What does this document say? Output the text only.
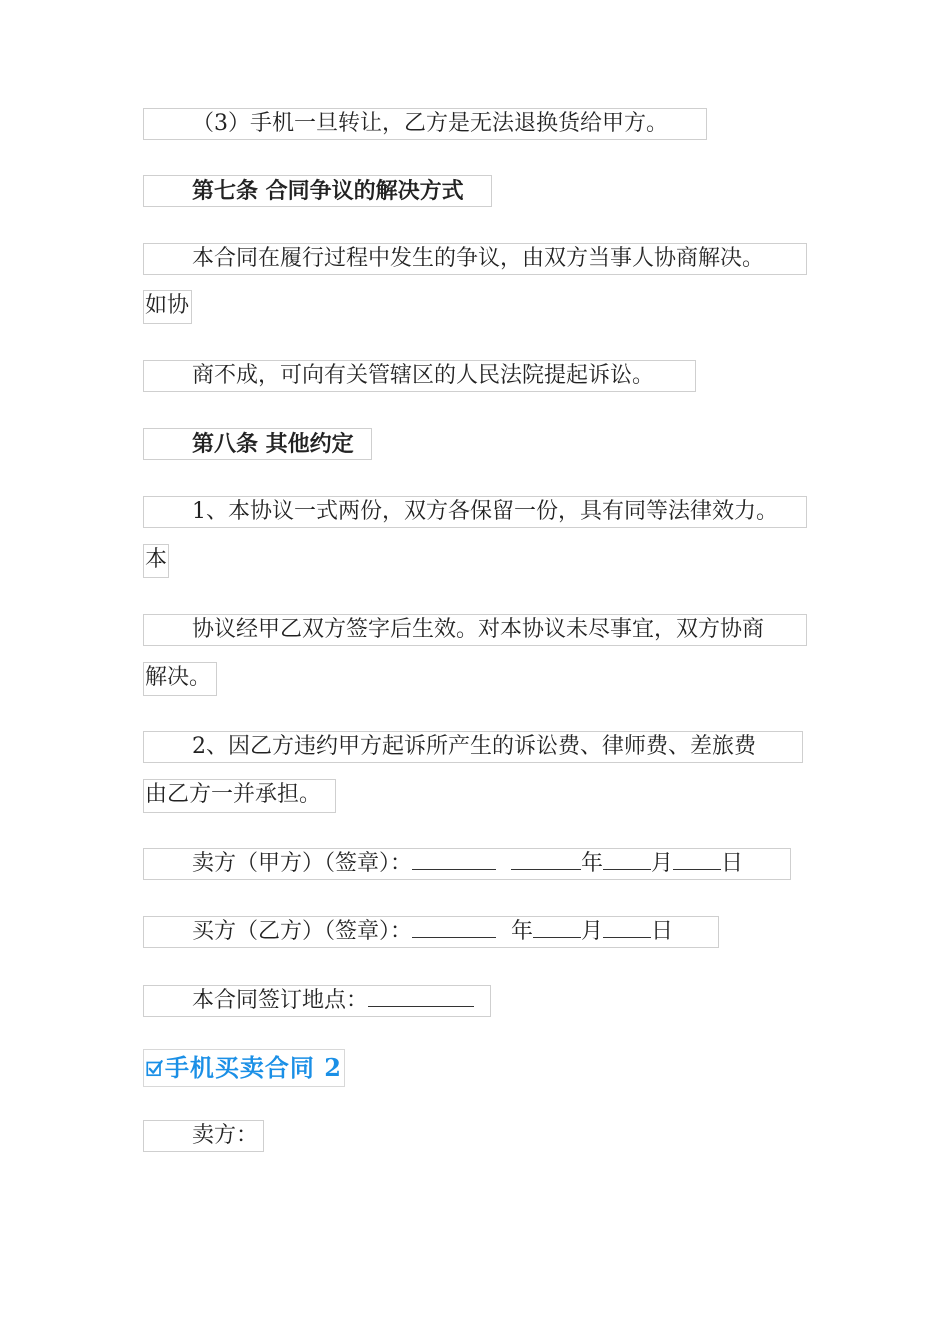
（3）手机一旦转让，乙方是无法退换货给甲方。
第七条 合同争议的解决方式
本合同在履行过程中发生的争议，由双方当事人协商解决。
如协
商不成，可向有关管辖区的人民法院提起诉讼。
第八条 其他约定
1、本协议一式两份，双方各保留一份，具有同等法律效力。
本
协议经甲乙双方签字后生效。对本协议未尽事宜，双方协商
解决。
2、因乙方违约甲方起诉所产生的诉讼费、律师费、差旅费
由乙方一并承担。
卖方（甲方）（签章）：	年 月 日
买方（乙方）（签章）：	年 月 日
本合同签订地点：
手机买卖合同 2
卖方：
